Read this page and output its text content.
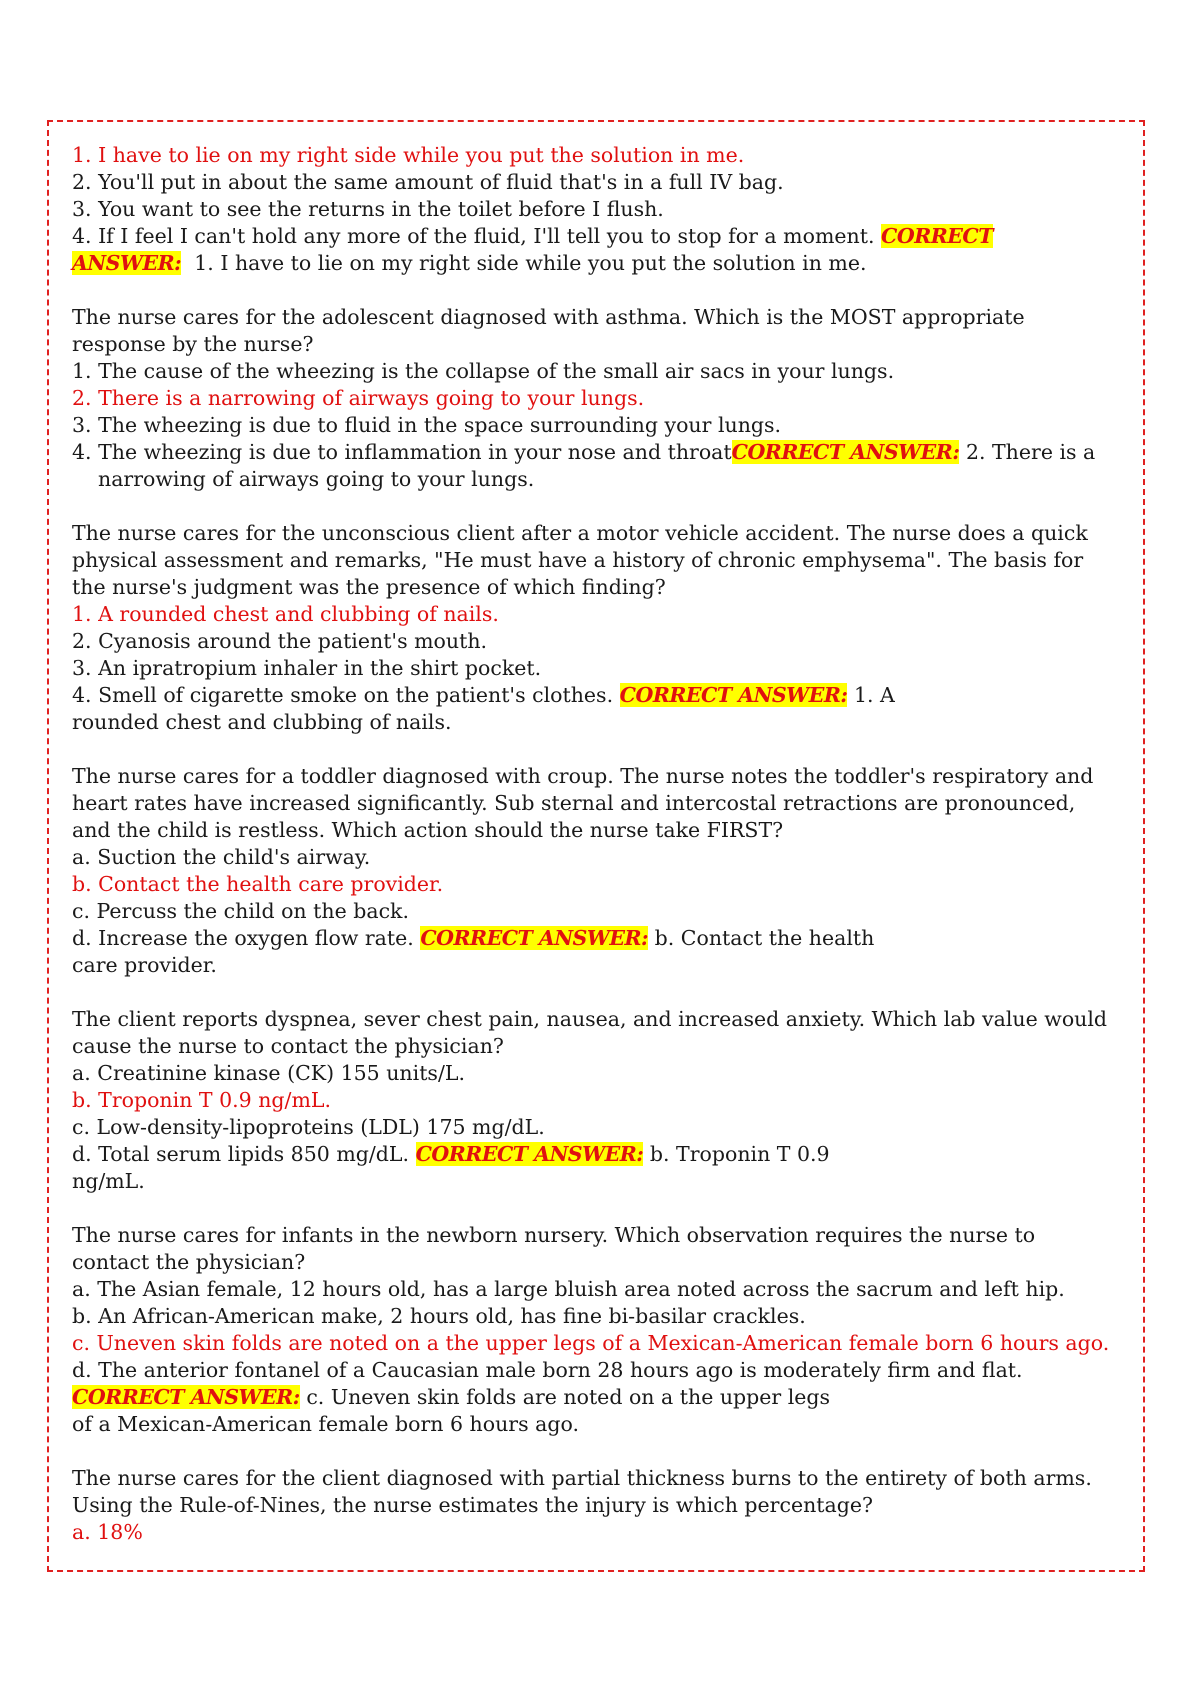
1. I have to lie on my right side while you put the solution in me.
2. You'll put in about the same amount of fluid that's in a full IV bag.
3. You want to see the returns in the toilet before I flush.
4. If I feel I can't hold any more of the fluid, I'll tell you to stop for a moment. CORRECT
ANSWER: 1. I have to lie on my right side while you put the solution in me.
The nurse cares for the adolescent diagnosed with asthma. Which is the MOST appropriate
response by the nurse?
1. The cause of the wheezing is the collapse of the small air sacs in your lungs.
2. There is a narrowing of airways going to your lungs.
3. The wheezing is due to fluid in the space surrounding your lungs.
4. The wheezing is due to inflammation in your nose and throatCORRECT ANSWER: 2. There is a
narrowing of airways going to your lungs.
The nurse cares for the unconscious client after a motor vehicle accident. The nurse does a quick
physical assessment and remarks, "He must have a history of chronic emphysema". The basis for
the nurse's judgment was the presence of which finding?
1. A rounded chest and clubbing of nails.
2. Cyanosis around the patient's mouth.
3. An ipratropium inhaler in the shirt pocket.
4. Smell of cigarette smoke on the patient's clothes. CORRECT ANSWER: 1. A
rounded chest and clubbing of nails.
The nurse cares for a toddler diagnosed with croup. The nurse notes the toddler's respiratory and
heart rates have increased significantly. Sub sternal and intercostal retractions are pronounced,
and the child is restless. Which action should the nurse take FIRST?
a. Suction the child's airway.
b. Contact the health care provider.
c. Percuss the child on the back.
d. Increase the oxygen flow rate. CORRECT ANSWER: b. Contact the health
care provider.
The client reports dyspnea, sever chest pain, nausea, and increased anxiety. Which lab value would
cause the nurse to contact the physician?
a. Creatinine kinase (CK) 155 units/L.
b. Troponin T 0.9 ng/mL.
c. Low-density-lipoproteins (LDL) 175 mg/dL.
d. Total serum lipids 850 mg/dL. CORRECT ANSWER: b. Troponin T 0.9
ng/mL.
The nurse cares for infants in the newborn nursery. Which observation requires the nurse to
contact the physician?
a. The Asian female, 12 hours old, has a large bluish area noted across the sacrum and left hip.
b. An African-American make, 2 hours old, has fine bi-basilar crackles.
c. Uneven skin folds are noted on a the upper legs of a Mexican-American female born 6 hours ago.
d. The anterior fontanel of a Caucasian male born 28 hours ago is moderately firm and flat.
CORRECT ANSWER: c. Uneven skin folds are noted on a the upper legs
of a Mexican-American female born 6 hours ago.
The nurse cares for the client diagnosed with partial thickness burns to the entirety of both arms.
Using the Rule-of-Nines, the nurse estimates the injury is which percentage?
a. 18%
